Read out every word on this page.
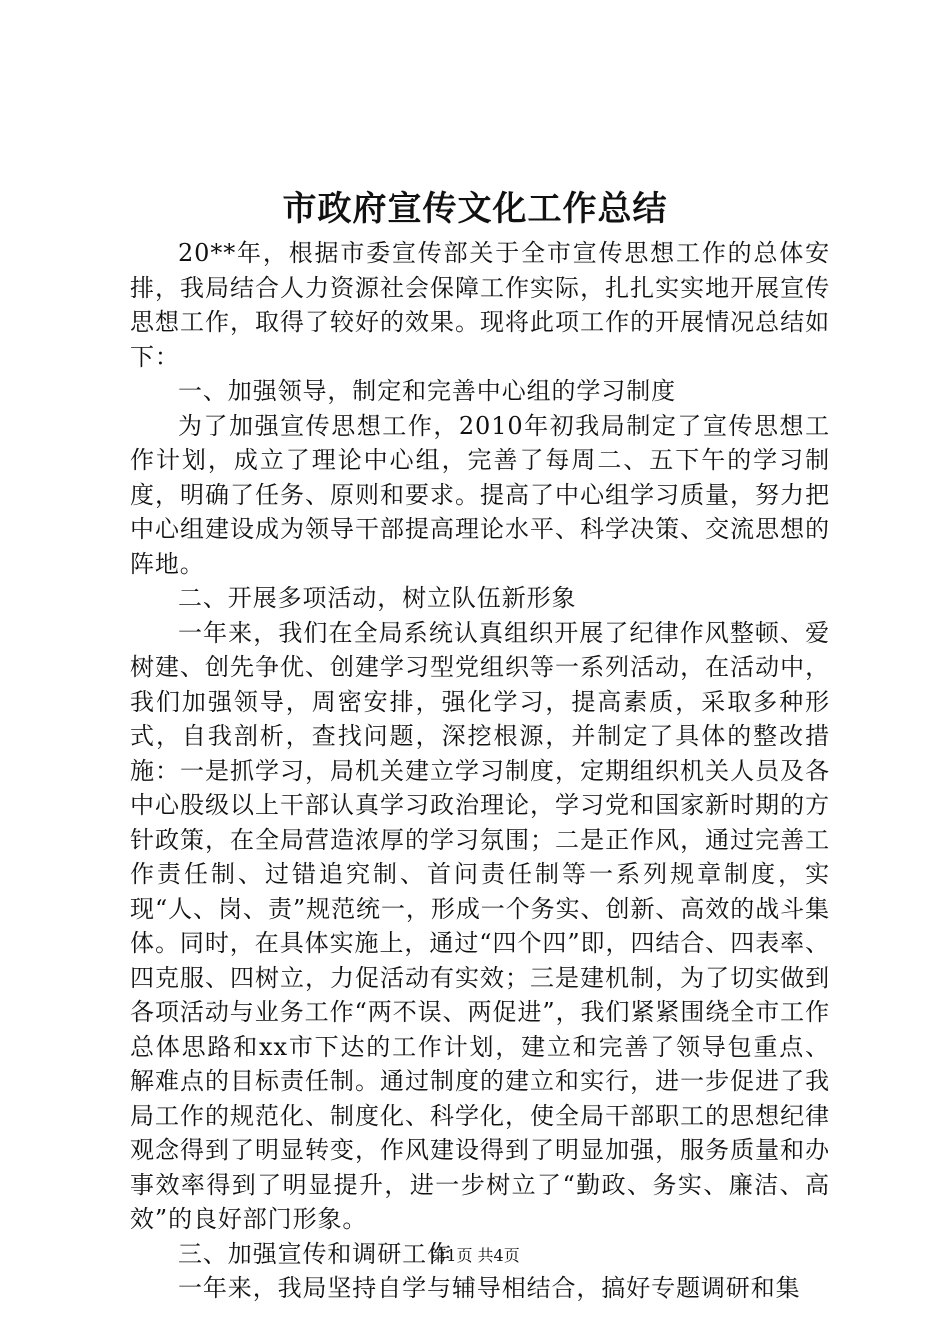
市政府宣传文化工作总结

20**年，根据市委宣传部关于全市宣传思想工作的总体安排，我局结合人力资源社会保障工作实际，扎扎实实地开展宣传思想工作，取得了较好的效果。现将此项工作的开展情况总结如下：

一、加强领导，制定和完善中心组的学习制度

为了加强宣传思想工作，2010年初我局制定了宣传思想工作计划，成立了理论中心组，完善了每周二、五下午的学习制度，明确了任务、原则和要求。提高了中心组学习质量，努力把中心组建设成为领导干部提高理论水平、科学决策、交流思想的阵地。

二、开展多项活动，树立队伍新形象

一年来，我们在全局系统认真组织开展了纪律作风整顿、爱树建、创先争优、创建学习型党组织等一系列活动，在活动中，我们加强领导，周密安排，强化学习，提高素质，采取多种形式，自我剖析，查找问题，深挖根源，并制定了具体的整改措施：一是抓学习，局机关建立学习制度，定期组织机关人员及各中心股级以上干部认真学习政治理论，学习党和国家新时期的方针政策，在全局营造浓厚的学习氛围；二是正作风，通过完善工作责任制、过错追究制、首问责任制等一系列规章制度，实现“人、岗、责”规范统一，形成一个务实、创新、高效的战斗集体。同时，在具体实施上，通过“四个四”即，四结合、四表率、四克服、四树立，力促活动有实效；三是建机制，为了切实做到各项活动与业务工作“两不误、两促进”，我们紧紧围绕全市工作总体思路和xx市下达的工作计划，建立和完善了领导包重点、解难点的目标责任制。通过制度的建立和实行，进一步促进了我局工作的规范化、制度化、科学化，使全局干部职工的思想纪律观念得到了明显转变，作风建设得到了明显加强，服务质量和办事效率得到了明显提升，进一步树立了“勤政、务实、廉洁、高效”的良好部门形象。

三、加强宣传和调研工作

一年来，我局坚持自学与辅导相结合，搞好专题调研和集

第1页 共4页
